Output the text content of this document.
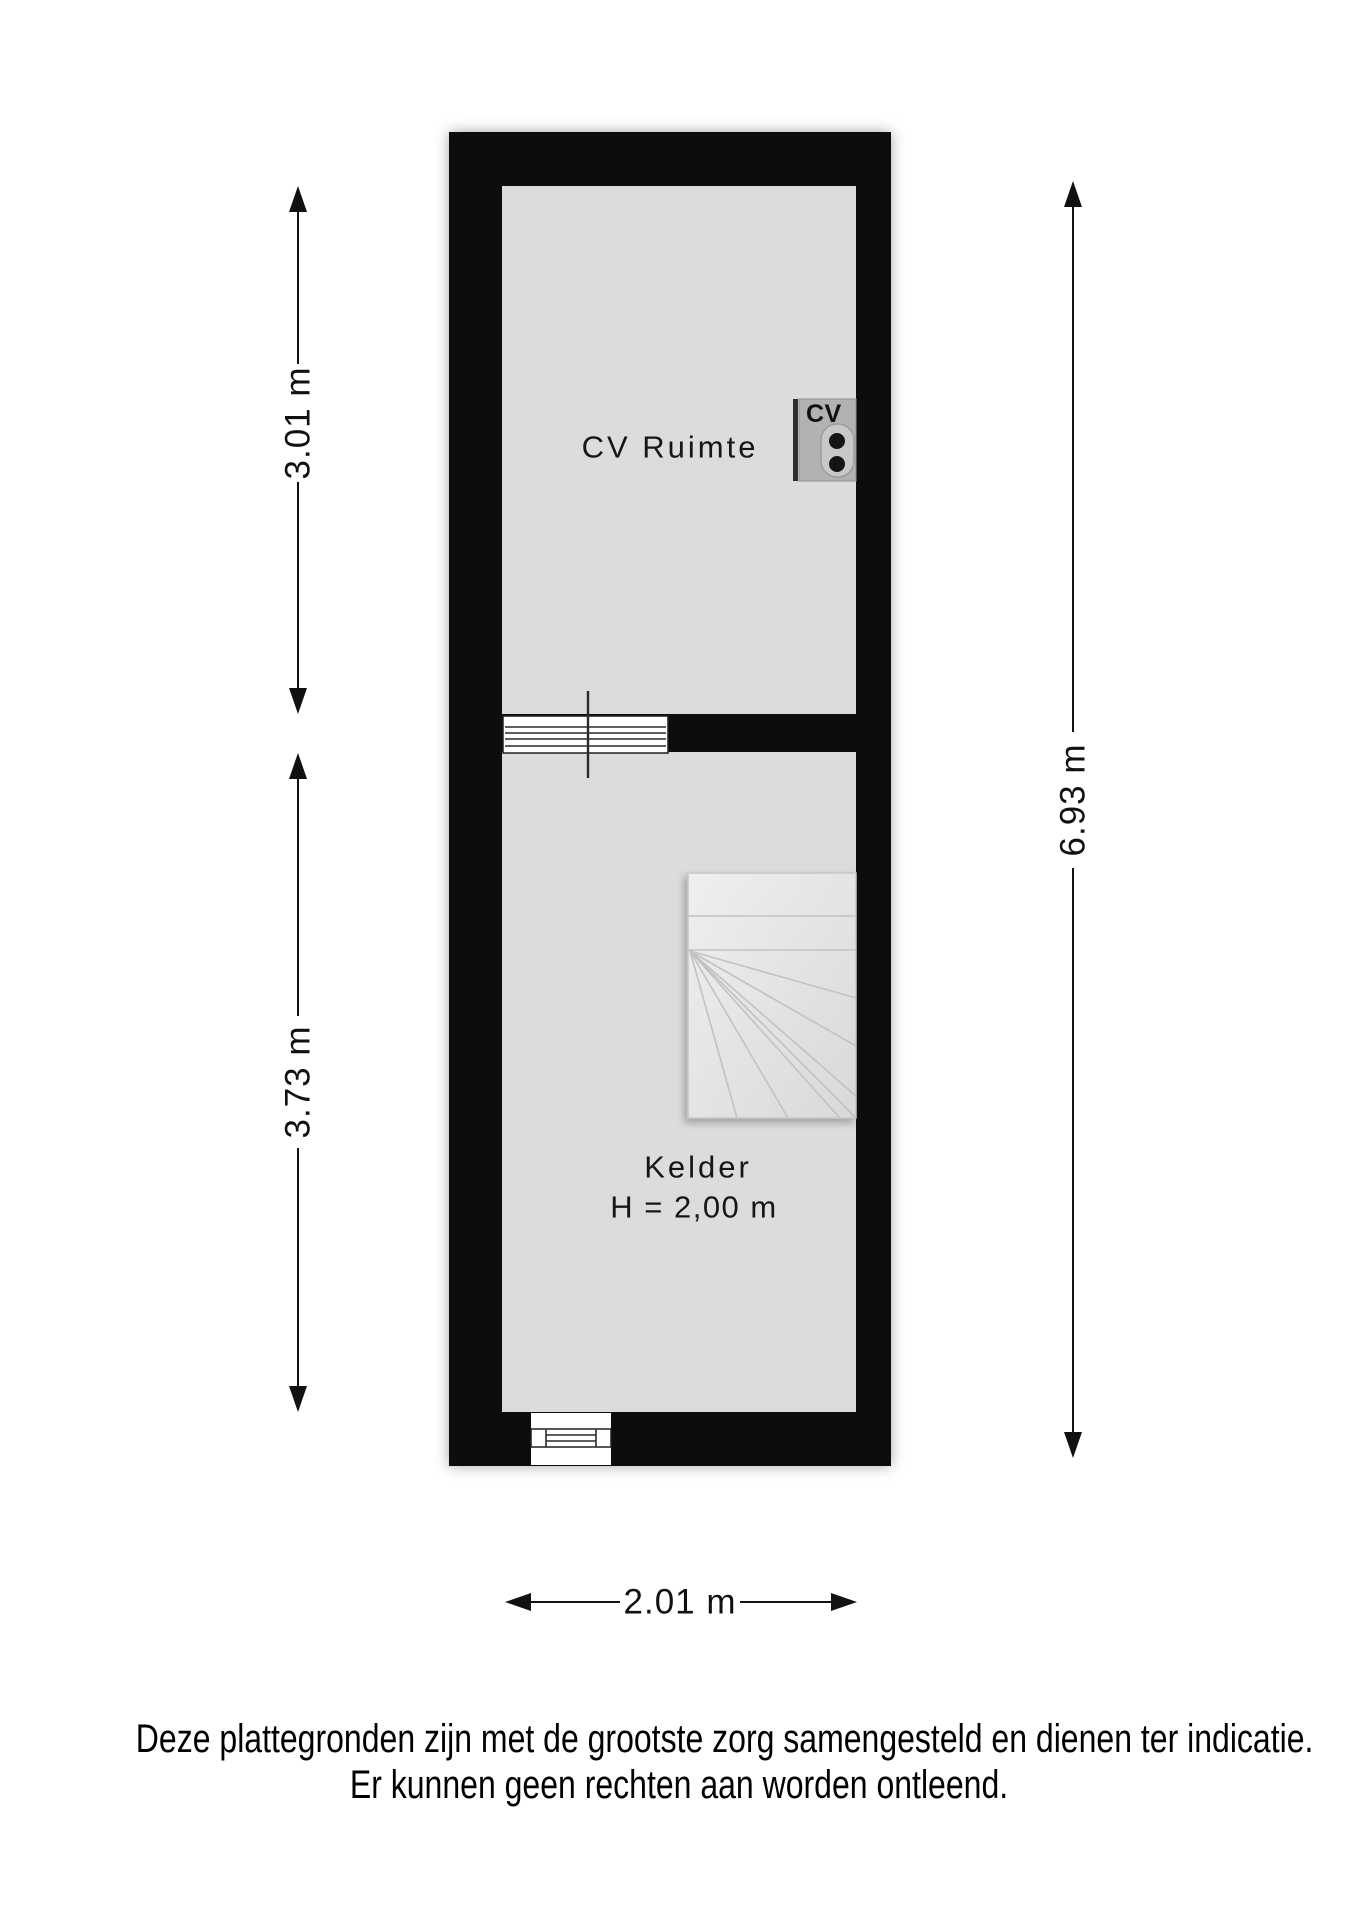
CV
CV Ruimte
Kelder
H = 2,00 m
3.01 m
3.73 m
6.93 m
2.01 m
Deze plattegronden zijn met de grootste zorg samengesteld en dienen ter indicatie.
Er kunnen geen rechten aan worden ontleend.
